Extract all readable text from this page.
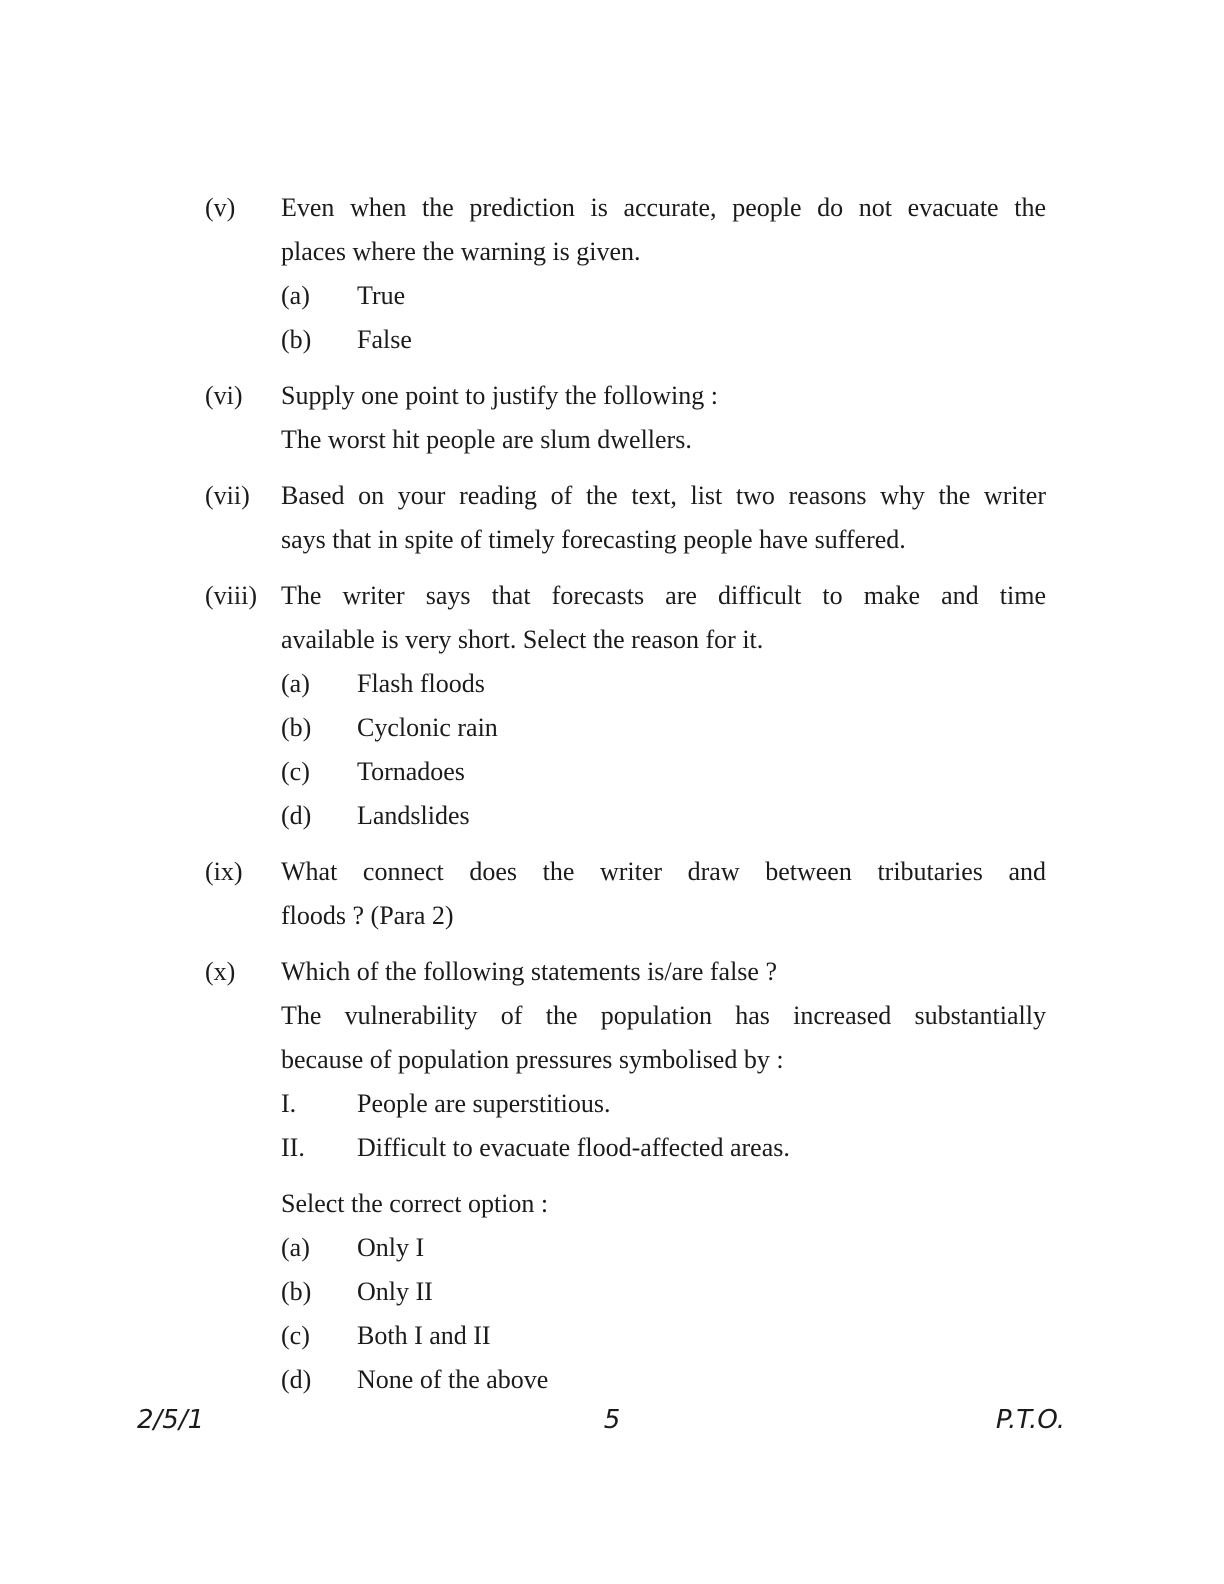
(v)	Even when the prediction is accurate, people do not evacuate the
places where the warning is given.
(a)	True
(b)	False
(vi)	Supply one point to justify the following :
The worst hit people are slum dwellers.
(vii)	Based on your reading of the text, list two reasons why the writer
says that in spite of timely forecasting people have suffered.
(viii) The writer says that forecasts are difficult to make and time
available is very short. Select the reason for it.
(a)	Flash floods
(b)	Cyclonic rain
(c)	Tornadoes
(d)	Landslides
(ix)	What connect does the writer draw between tributaries and
floods ? (Para 2)
(x)	Which of the following statements is/are false ?
The vulnerability of the population has increased substantially
because of population pressures symbolised by :
I.	People are superstitious.
II.	Difficult to evacuate flood-affected areas.
Select the correct option :
(a)	Only I
(b)	Only II
(c)	Both I and II
(d)	None of the above
2/5/1	5	P.T.O.
